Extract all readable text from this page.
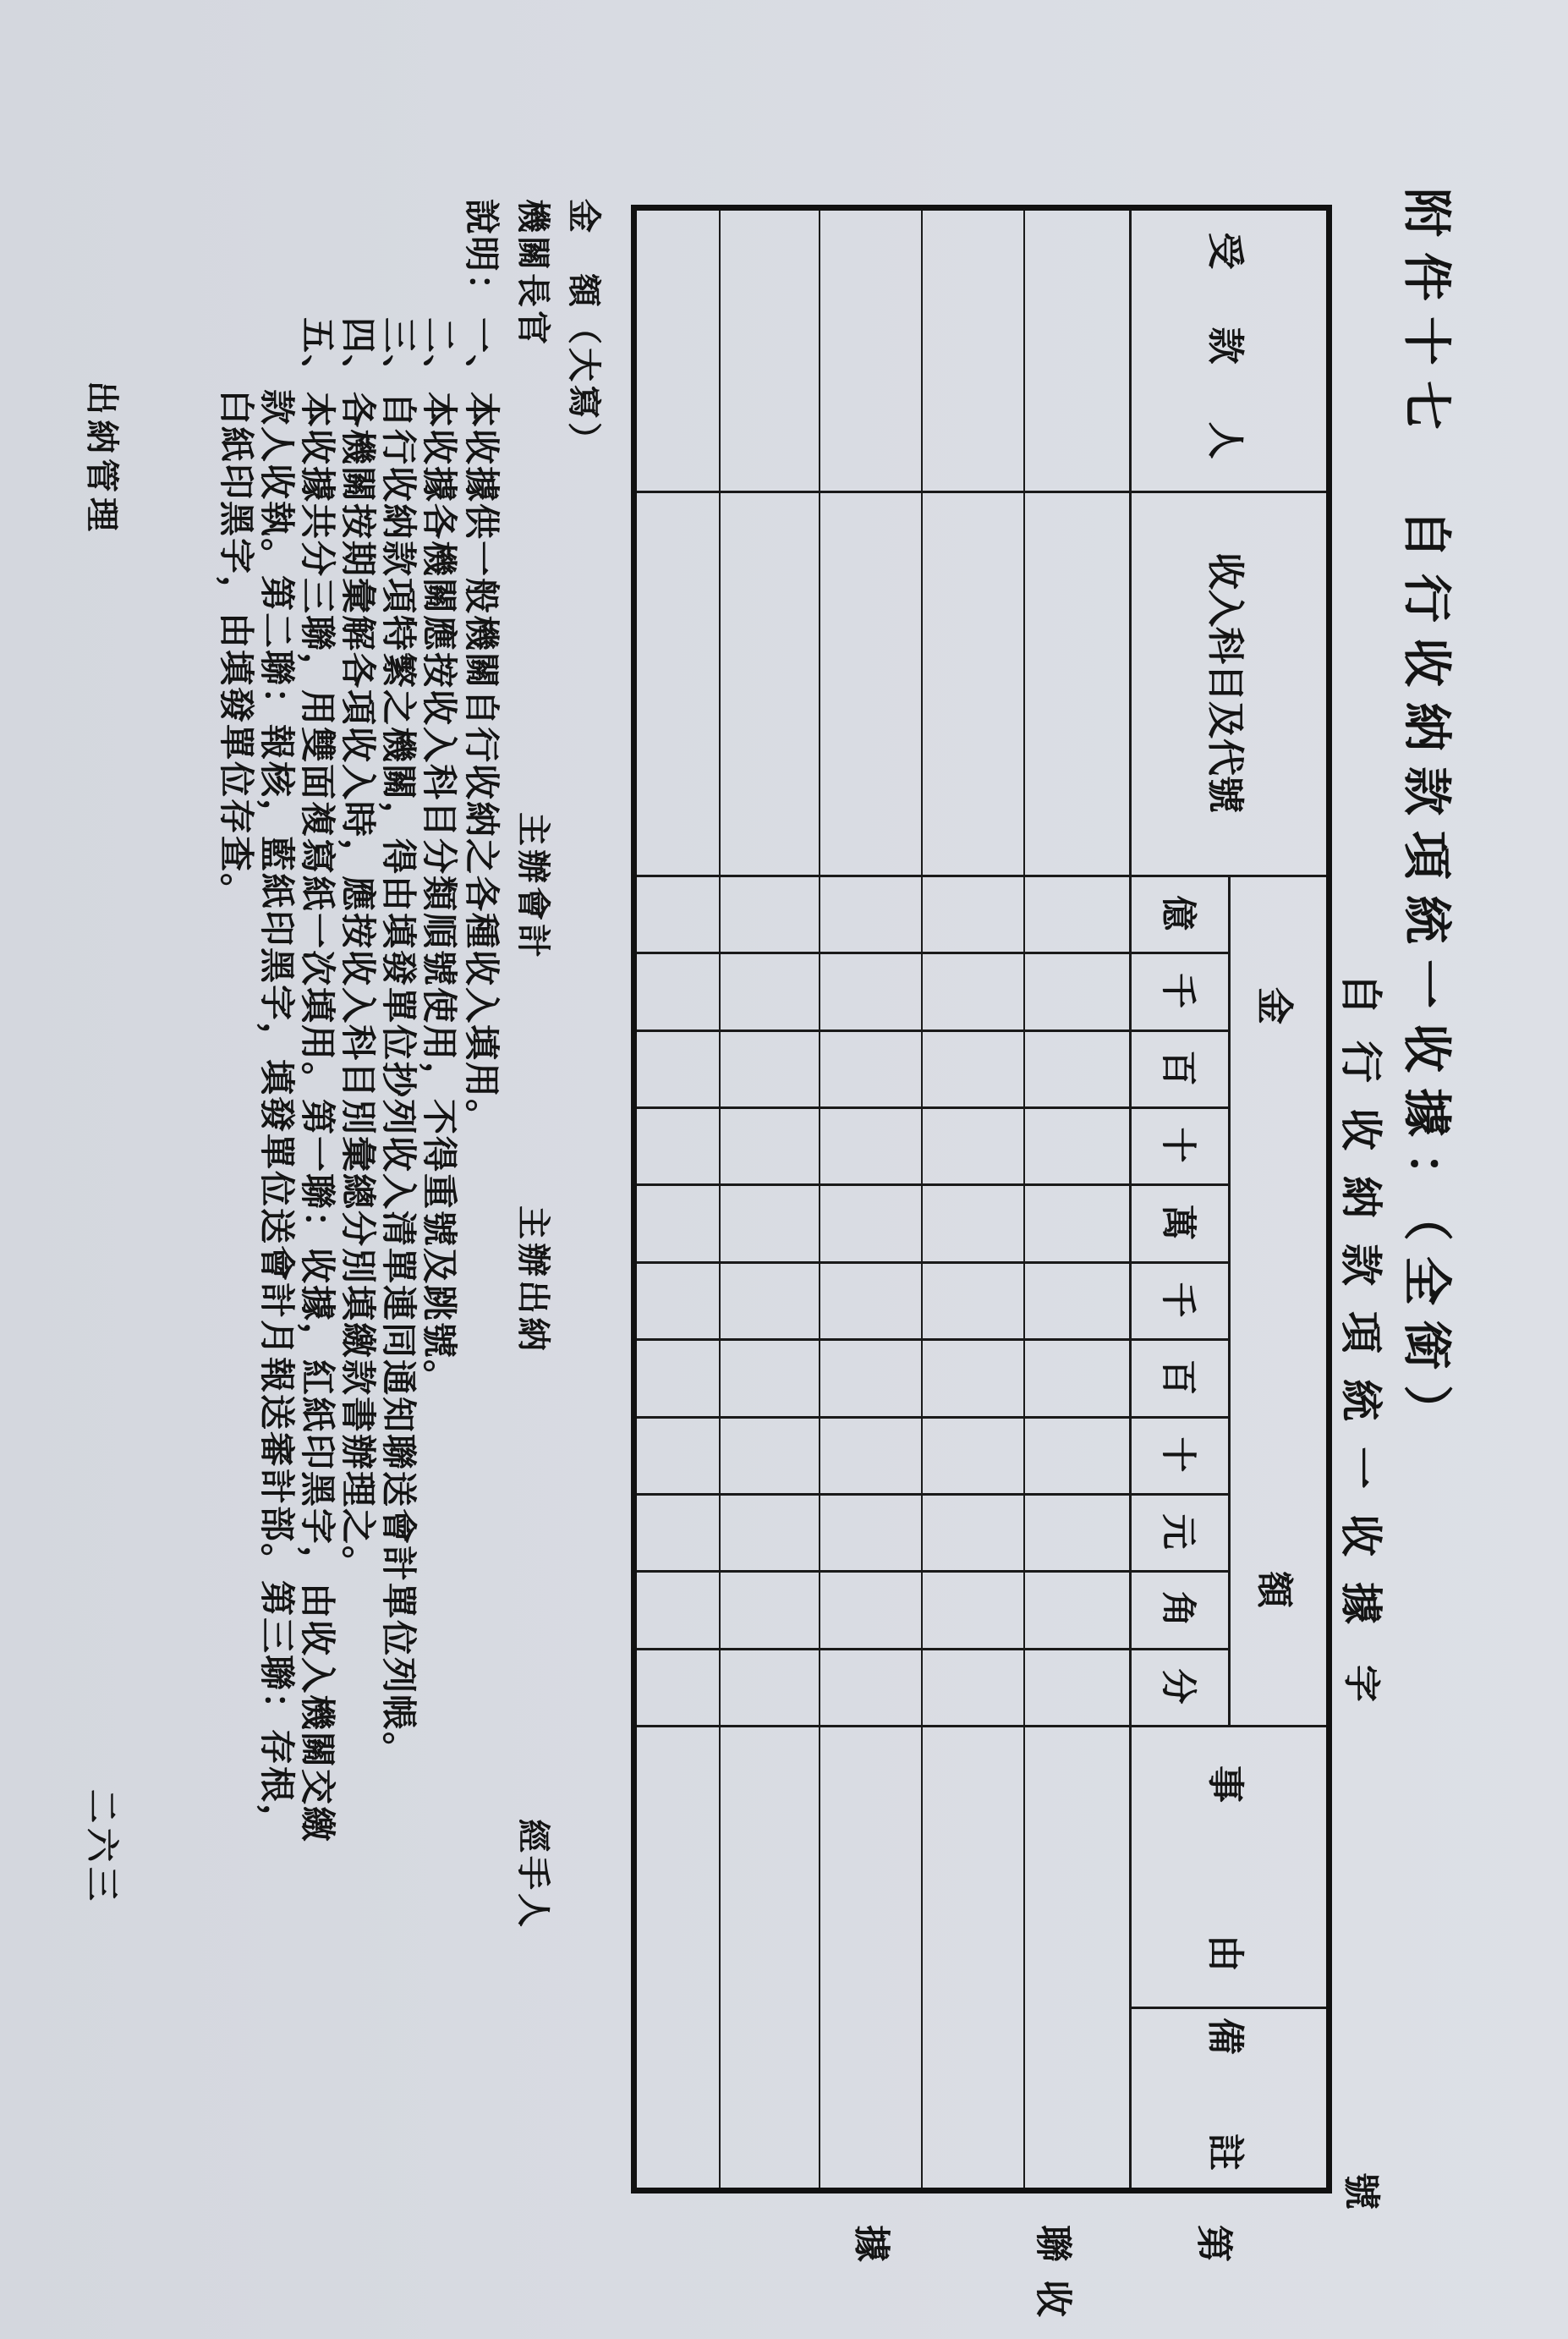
附件十七　自行收納款項統一收據：（全銜）
自行收納款項統一收據
字
號
受　款　人
收入科目及代號
金
額
事
由
備
註
億
千
百
十
萬
千
百
十
元
角
分
第
聯
收
據
金　額（大寫）
機關長官
主辦會計
主辦出納
經手人
說明：
一、本收據供一般機關自行收納之各種收入填用。
二、本收據各機關應按收入科目分類順號使用，不得重號及跳號。
三、自行收納款項特繁之機關，得由填發單位抄列收入清單連同通知聯送會計單位列帳。
四、各機關按期彙解各項收入時，應按收入科目別彙總分別填繳款書辦理之。
五、本收據共分三聯，用雙面複寫紙一次填用。第一聯：收據，紅紙印黑字，由收入機關交繳
款人收執。第二聯：報核，藍紙印黑字，填發單位送會計月報送審計部。第三聯：存根，
白紙印黑字，由填發單位存查。
出納管理
二六三
